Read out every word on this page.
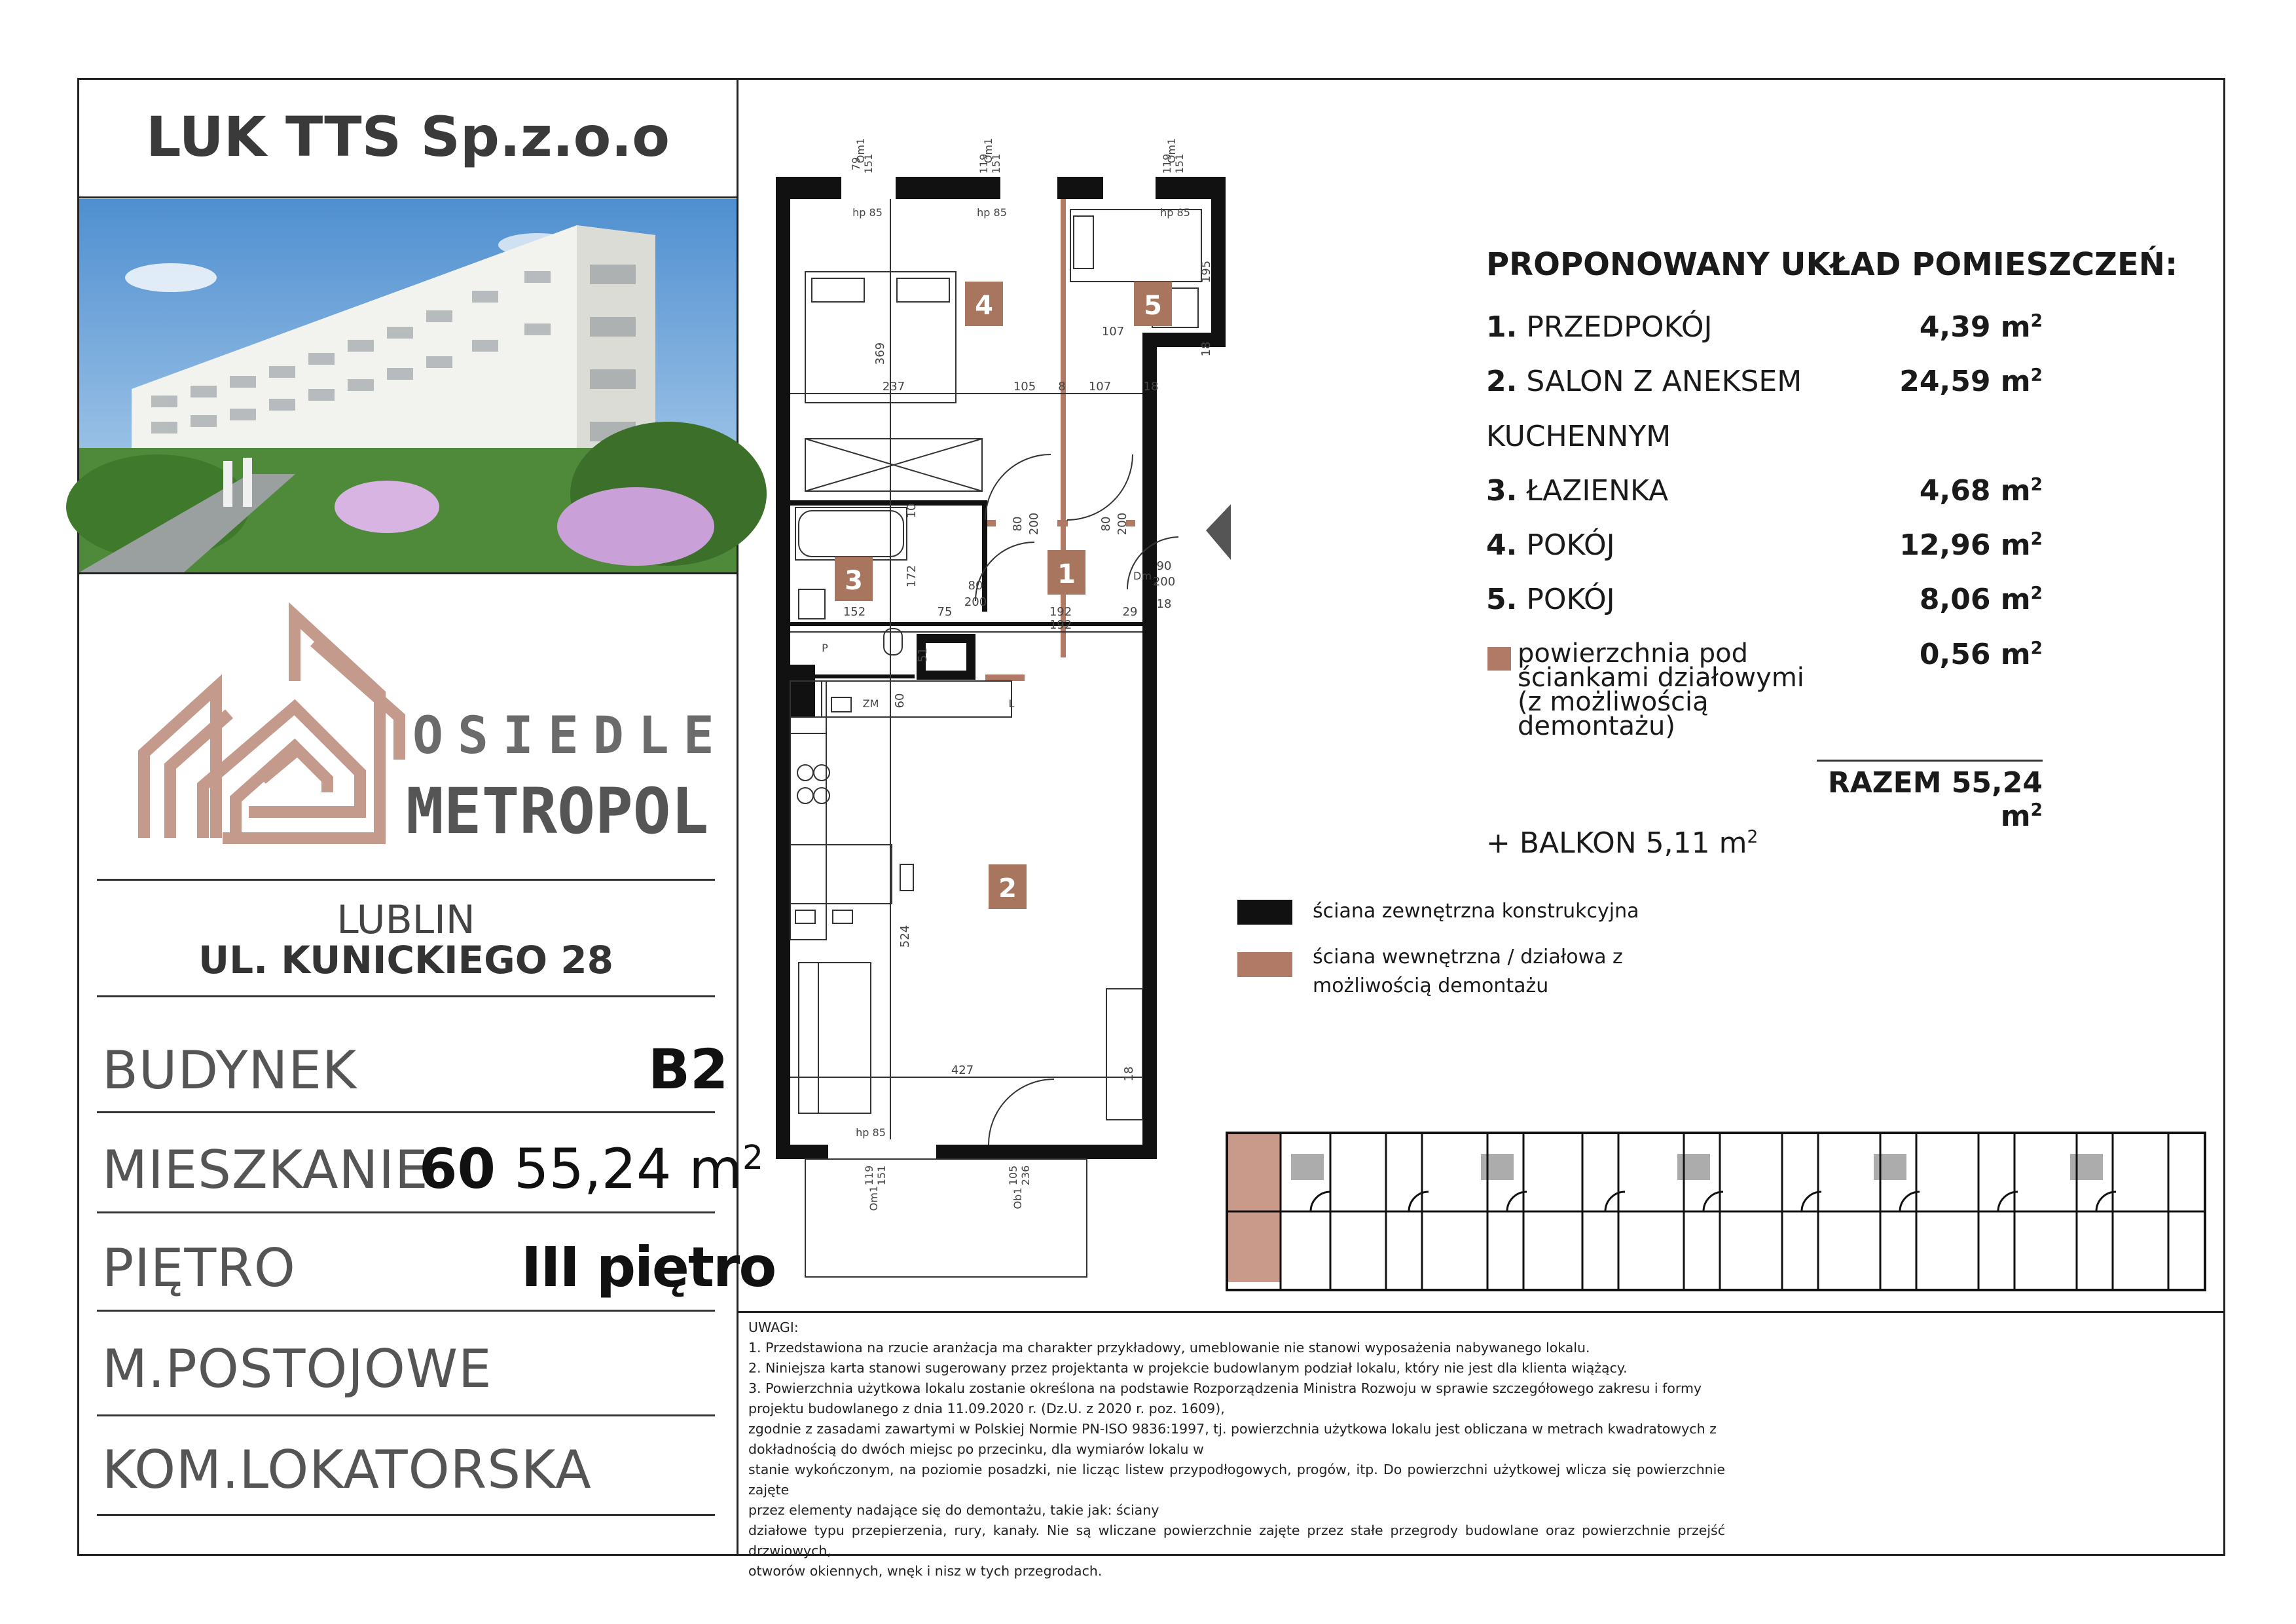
LUK TTS Sp.z.o.o
OSIEDLE
METROPOL
LUBLIN
UL. KUNICKIEGO 28
BUDYNEK	B2
MIESZKANIE
60 55,24 $m^2$
PIĘTRO	III piętro
M.POSTOJOWE
KOM.LOKATORSKA
4	5
3	1
2
369
237	105 8 107	18
107
195
18
192
10
172
152	75
192
29
524
427	18
80 200	80 200
80
200
90
200
18
51
60
Om1	Om1	Om1
Om1	Ob1
79 151	119 151	119 151
119 151	105 236
hp 85	hp 85	hp 85
hp 85
P
ZM	L
Dm
PROPONOWANY UKŁAD POMIESZCZEŃ:
1. PRZEDPOKÓJ	4,39 $m^2$
2. SALON Z ANEKSEM	24,59 $m^2$
KUCHENNYM
3. ŁAZIENKA	4,68 $m^2$
4. POKÓJ	12,96 $m^2$
5. POKÓJ	8,06 $m^2$
powierzchnia pod
ściankami działowymi
(z możliwością
demontażu)
0,56 $m^2$
RAZEM 55,24 $m^2$
+ BALKON 5,11 $m^2$
ściana zewnętrzna konstrukcyjna
ściana wewnętrzna / działowa z
możliwością demontażu
UWAGI:
1. Przedstawiona na rzucie aranżacja ma charakter przykładowy, umeblowanie nie stanowi wyposażenia nabywanego lokalu.
2. Niniejsza karta stanowi sugerowany przez projektanta w projekcie budowlanym podział lokalu, który nie jest dla klienta wiążący.
3. Powierzchnia użytkowa lokalu zostanie określona na podstawie Rozporządzenia Ministra Rozwoju w sprawie szczegółowego zakresu i formy
projektu budowlanego z dnia 11.09.2020 r. (Dz.U. z 2020 r. poz. 1609),
zgodnie z zasadami zawartymi w Polskiej Normie PN-ISO 9836:1997, tj. powierzchnia użytkowa lokalu jest obliczana w metrach kwadratowych z
dokładnością do dwóch miejsc po przecinku, dla wymiarów lokalu w
stanie wykończonym, na poziomie posadzki, nie licząc listew przypodłogowych, progów, itp. Do powierzchni użytkowej wlicza się powierzchnie zajęte
przez elementy nadające się do demontażu, takie jak: ściany
działowe typu przepierzenia, rury, kanały. Nie są wliczane powierzchnie zajęte przez stałe przegrody budowlane oraz powierzchnie przejść drzwiowych,
otworów okiennych, wnęk i nisz w tych przegrodach.
